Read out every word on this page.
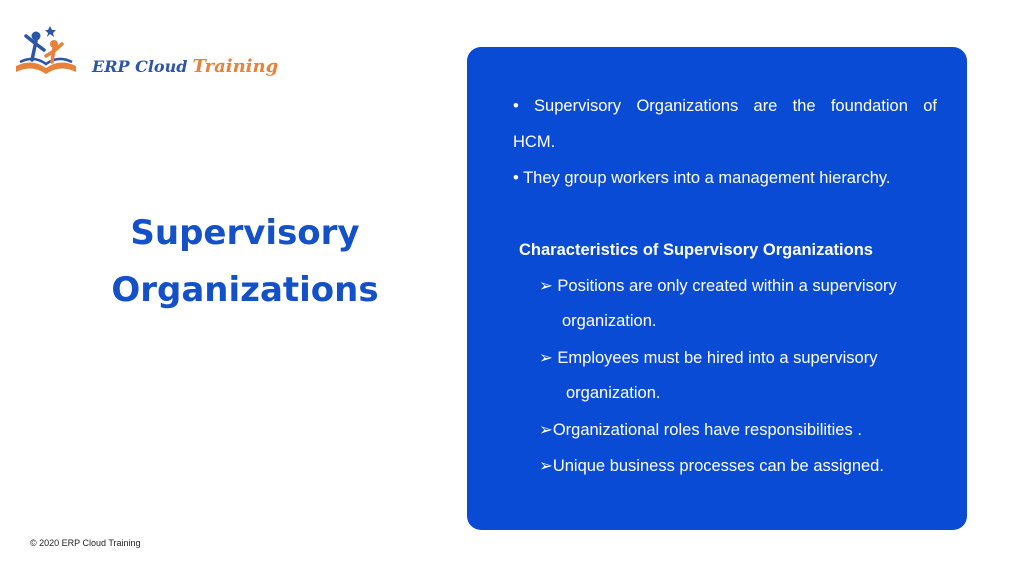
ERP Cloud Training
Supervisory
Organizations
• Supervisory Organizations are the foundation of
HCM.
• They group workers into a management hierarchy.
Characteristics of Supervisory Organizations
➢ Positions are only created within a supervisory
organization.
➢ Employees must be hired into a supervisory
organization.
➢Organizational roles have responsibilities .
➢Unique business processes can be assigned.
© 2020 ERP Cloud Training
